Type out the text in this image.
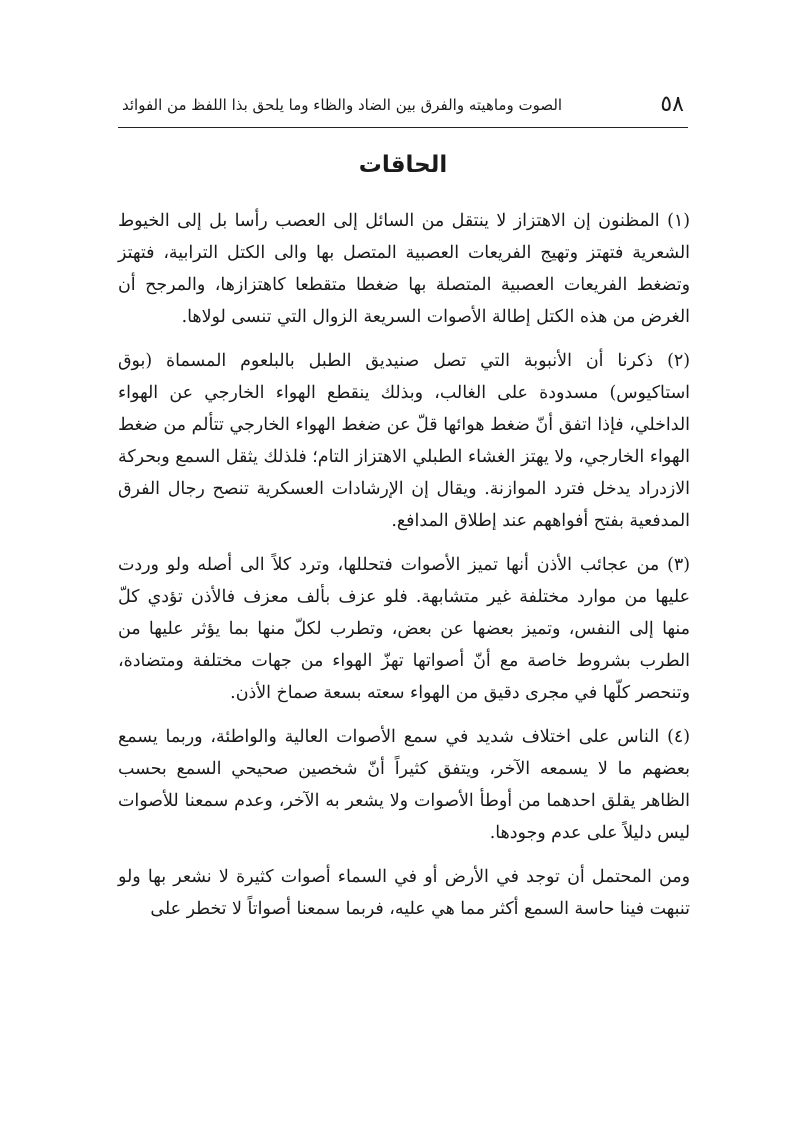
٥٨
الصوت وماهيته والفرق بين الضاد والظاء وما يلحق بذا اللفظ من الفوائد
الحاقات

(١) المظنون إن الاهتزاز لا ينتقل من السائل إلى العصب رأسا بل إلى الخيوط الشعرية فتهتز وتهيج الفريعات العصبية المتصل بها والى الكتل الترابية، فتهتز وتضغط الفريعات العصبية المتصلة بها ضغطا متقطعا كاهتزازها، والمرجح أن الغرض من هذه الكتل إطالة الأصوات السريعة الزوال التي تنسى لولاها.

(٢) ذكرنا أن الأنبوبة التي تصل صنيديق الطبل بالبلعوم المسماة (بوق استاكيوس) مسدودة على الغالب، وبذلك ينقطع الهواء الخارجي عن الهواء الداخلي، فإذا اتفق أنّ ضغط هوائها قلّ عن ضغط الهواء الخارجي تتألم من ضغط الهواء الخارجي، ولا يهتز الغشاء الطبلي الاهتزاز التام؛ فلذلك يثقل السمع وبحركة الازدراد يدخل فترد الموازنة. ويقال إن الإرشادات العسكرية تنصح رجال الفرق المدفعية بفتح أفواههم عند إطلاق المدافع.

(٣) من عجائب الأذن أنها تميز الأصوات فتحللها، وترد كلاً الى أصله ولو وردت عليها من موارد مختلفة غير متشابهة. فلو عزف بألف معزف فالأذن تؤدي كلّ منها إلى النفس، وتميز بعضها عن بعض، وتطرب لكلّ منها بما يؤثر عليها من الطرب بشروط خاصة مع أنّ أصواتها تهزّ الهواء من جهات مختلفة ومتضادة، وتنحصر كلّها في مجرى دقيق من الهواء سعته بسعة صماخ الأذن.

(٤) الناس على اختلاف شديد في سمع الأصوات العالية والواطئة، وربما يسمع بعضهم ما لا يسمعه الآخر، ويتفق كثيراً أنّ شخصين صحيحي السمع بحسب الظاهر يقلق احدهما من أوطأ الأصوات ولا يشعر به الآخر، وعدم سمعنا للأصوات ليس دليلاً على عدم وجودها.

ومن المحتمل أن توجد في الأرض أو في السماء أصوات كثيرة لا نشعر بها ولو تنبهت فينا حاسة السمع أكثر مما هي عليه، فربما سمعنا أصواتاً لا تخطر على
